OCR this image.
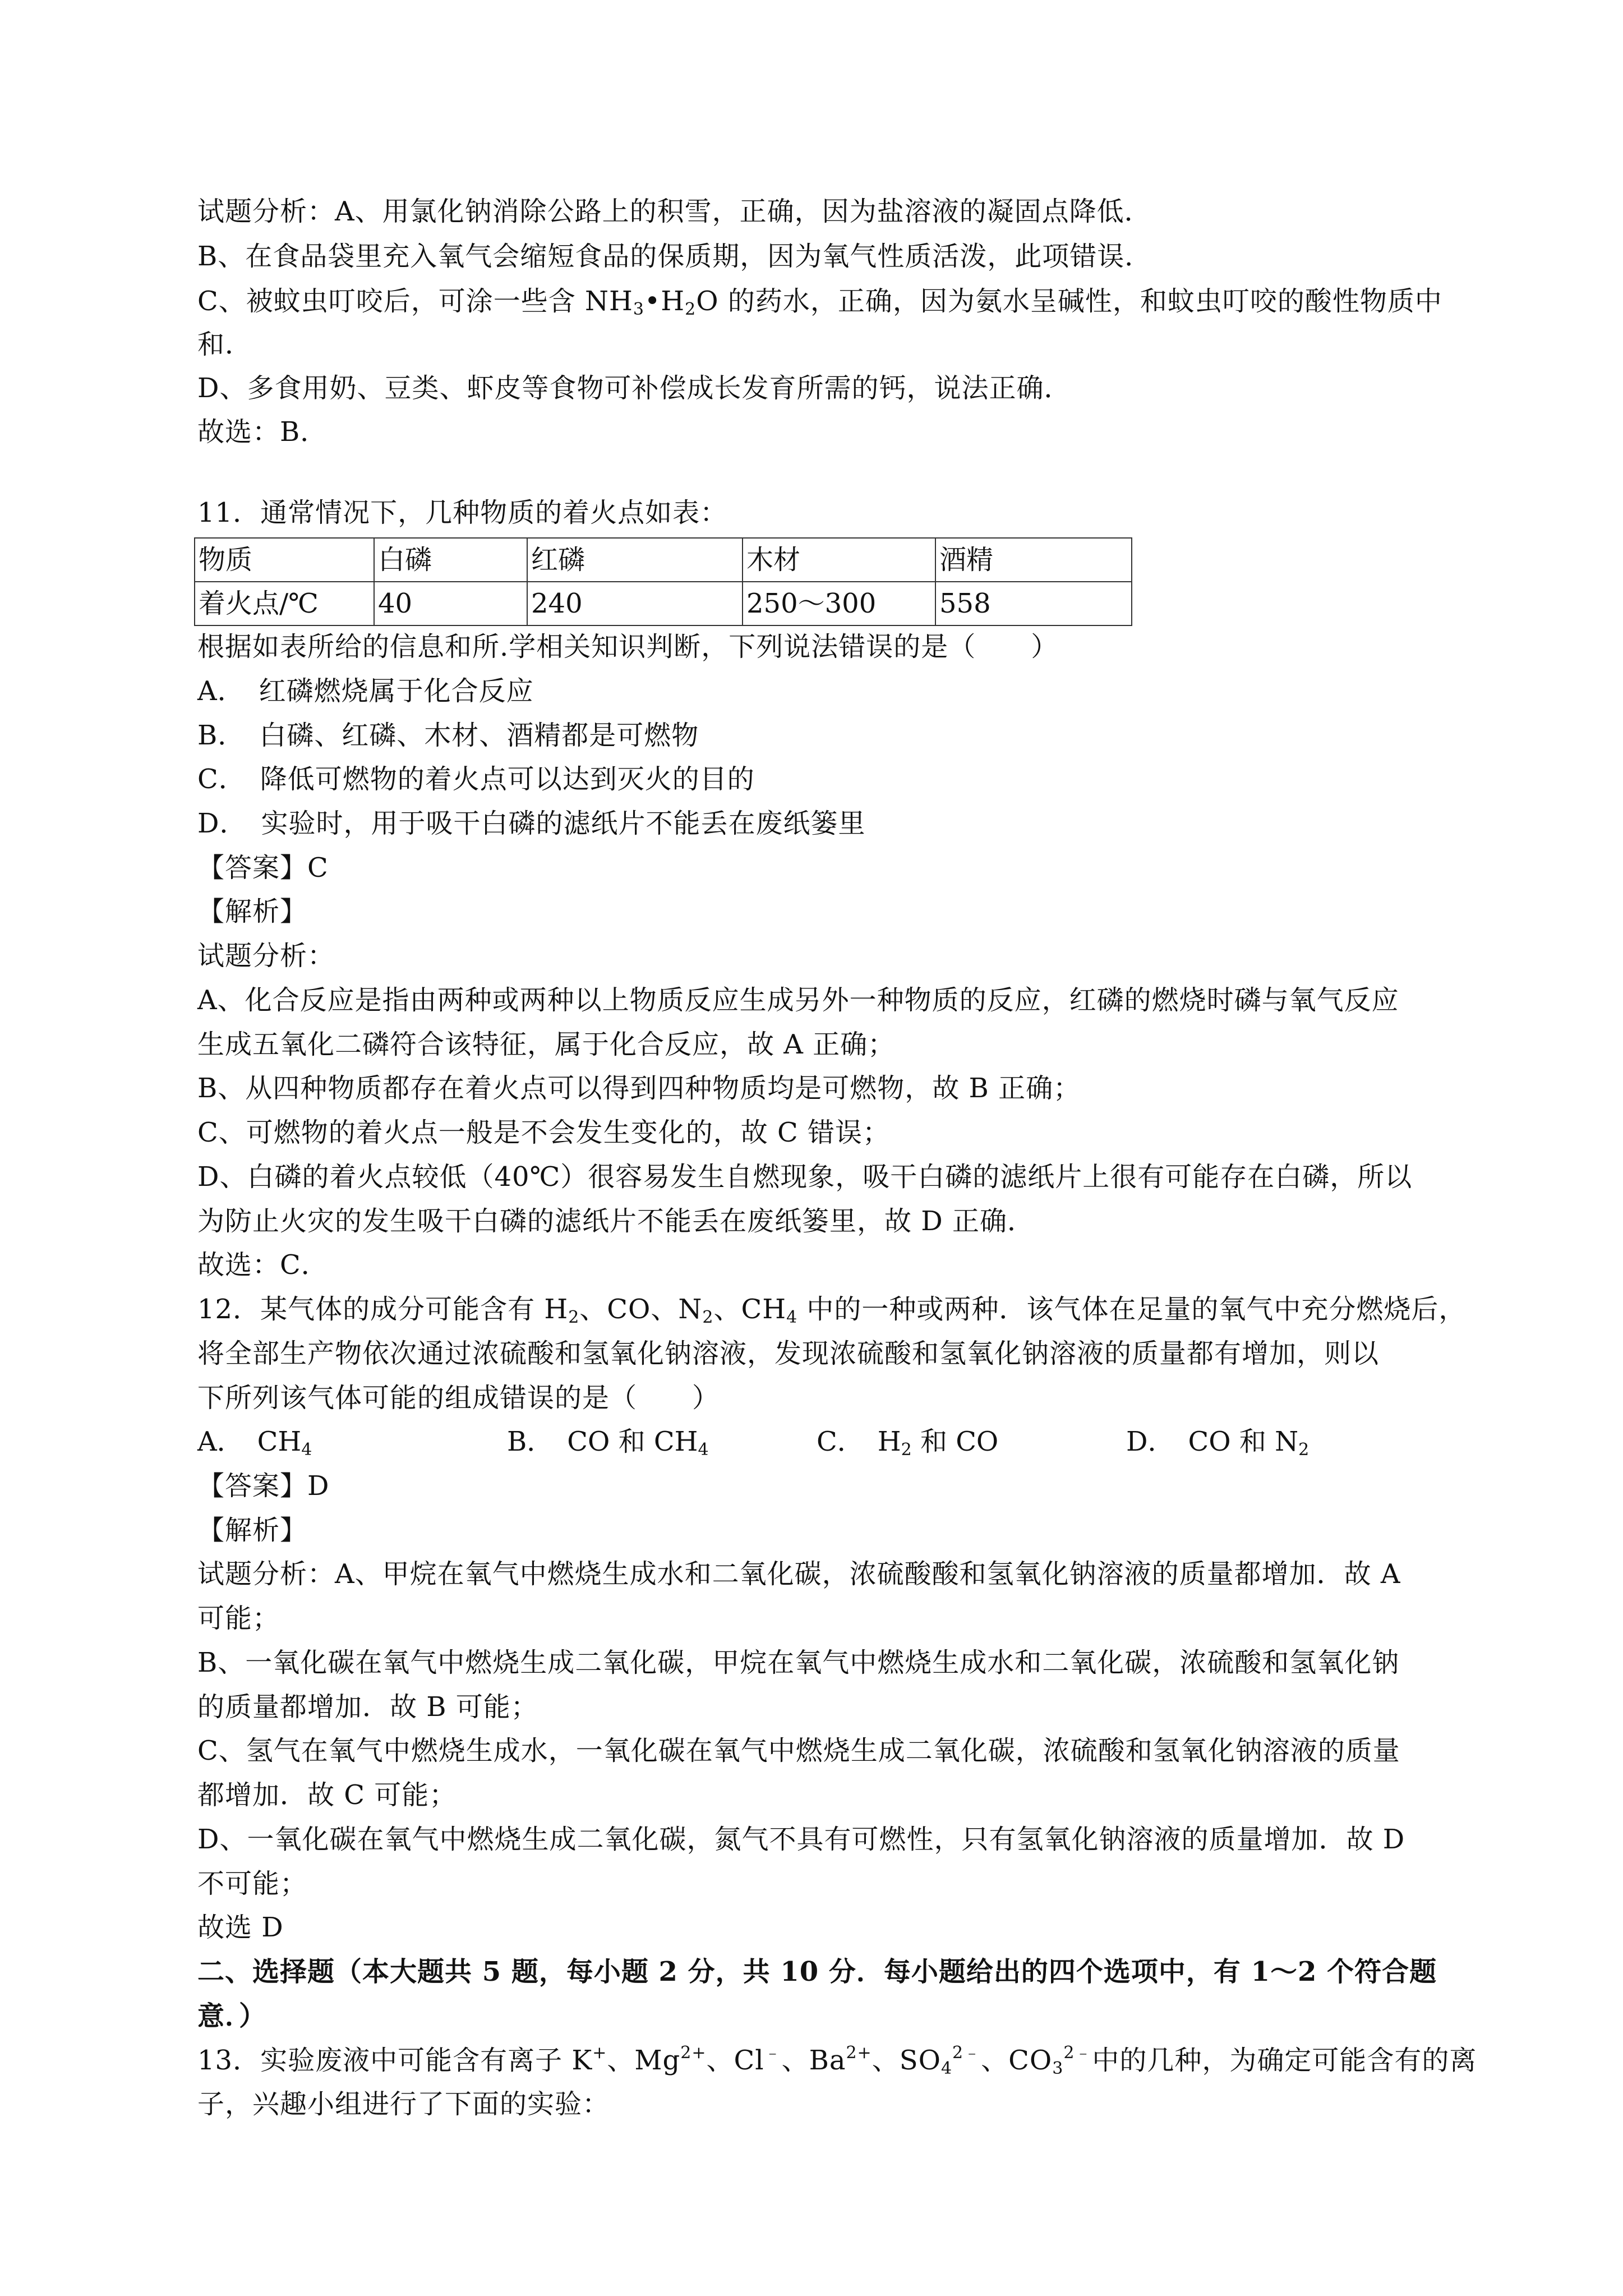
试题分析：A、用氯化钠消除公路上的积雪，正确，因为盐溶液的凝固点降低．
B、在食品袋里充入氧气会缩短食品的保质期，因为氧气性质活泼，此项错误．
C、被蚊虫叮咬后，可涂一些含 $NH_3•H_2O$ 的药水，正确，因为氨水呈碱性，和蚊虫叮咬的酸性物质中
和．
D、多食用奶、豆类、虾皮等食物可补偿成长发育所需的钙，说法正确．
故选：B．
11．通常情况下，几种物质的着火点如表：
物质	白磷	红磷	木材	酒精
着火点/℃	40	240	250～300	558
根据如表所给的信息和所.学相关知识判断，下列说法错误的是（　　）
A．　红磷燃烧属于化合反应
B．　白磷、红磷、木材、酒精都是可燃物
C．　降低可燃物的着火点可以达到灭火的目的
D．　实验时，用于吸干白磷的滤纸片不能丢在废纸篓里
【答案】C
【解析】
试题分析：
A、化合反应是指由两种或两种以上物质反应生成另外一种物质的反应，红磷的燃烧时磷与氧气反应
生成五氧化二磷符合该特征，属于化合反应，故 A 正确；
B、从四种物质都存在着火点可以得到四种物质均是可燃物，故 B 正确；
C、可燃物的着火点一般是不会发生变化的，故 C 错误；
D、白磷的着火点较低（40℃）很容易发生自燃现象，吸干白磷的滤纸片上很有可能存在白磷，所以
为防止火灾的发生吸干白磷的滤纸片不能丢在废纸篓里，故 D 正确．
故选：C．
12．某气体的成分可能含有 $H_2$、CO、$N_2$、$CH_4$ 中的一种或两种．该气体在足量的氧气中充分燃烧后，
将全部生产物依次通过浓硫酸和氢氧化钠溶液，发现浓硫酸和氢氧化钠溶液的质量都有增加，则以
下所列该气体可能的组成错误的是（　　）
A．　$CH_4$	B．　CO 和 $CH_4$	C．　$H_2$ 和 CO	D．　CO 和 $N_2$
【答案】D
【解析】
试题分析：A、甲烷在氧气中燃烧生成水和二氧化碳，浓硫酸酸和氢氧化钠溶液的质量都增加．故 A
可能；
B、一氧化碳在氧气中燃烧生成二氧化碳，甲烷在氧气中燃烧生成水和二氧化碳，浓硫酸和氢氧化钠
的质量都增加．故 B 可能；
C、氢气在氧气中燃烧生成水，一氧化碳在氧气中燃烧生成二氧化碳，浓硫酸和氢氧化钠溶液的质量
都增加．故 C 可能；
D、一氧化碳在氧气中燃烧生成二氧化碳，氮气不具有可燃性，只有氢氧化钠溶液的质量增加．故 D
不可能；
故选 D
二、选择题（本大题共 5 题，每小题 2 分，共 10 分．每小题给出的四个选项中，有 1～2 个符合题
意．）
13．实验废液中可能含有离子 K+、$Mg^{2+}$、Cl﹣、$Ba^{2+}$、$SO_4^{2﹣}$、$CO_3^{2﹣}$中的几种，为确定可能含有的离
子，兴趣小组进行了下面的实验：
